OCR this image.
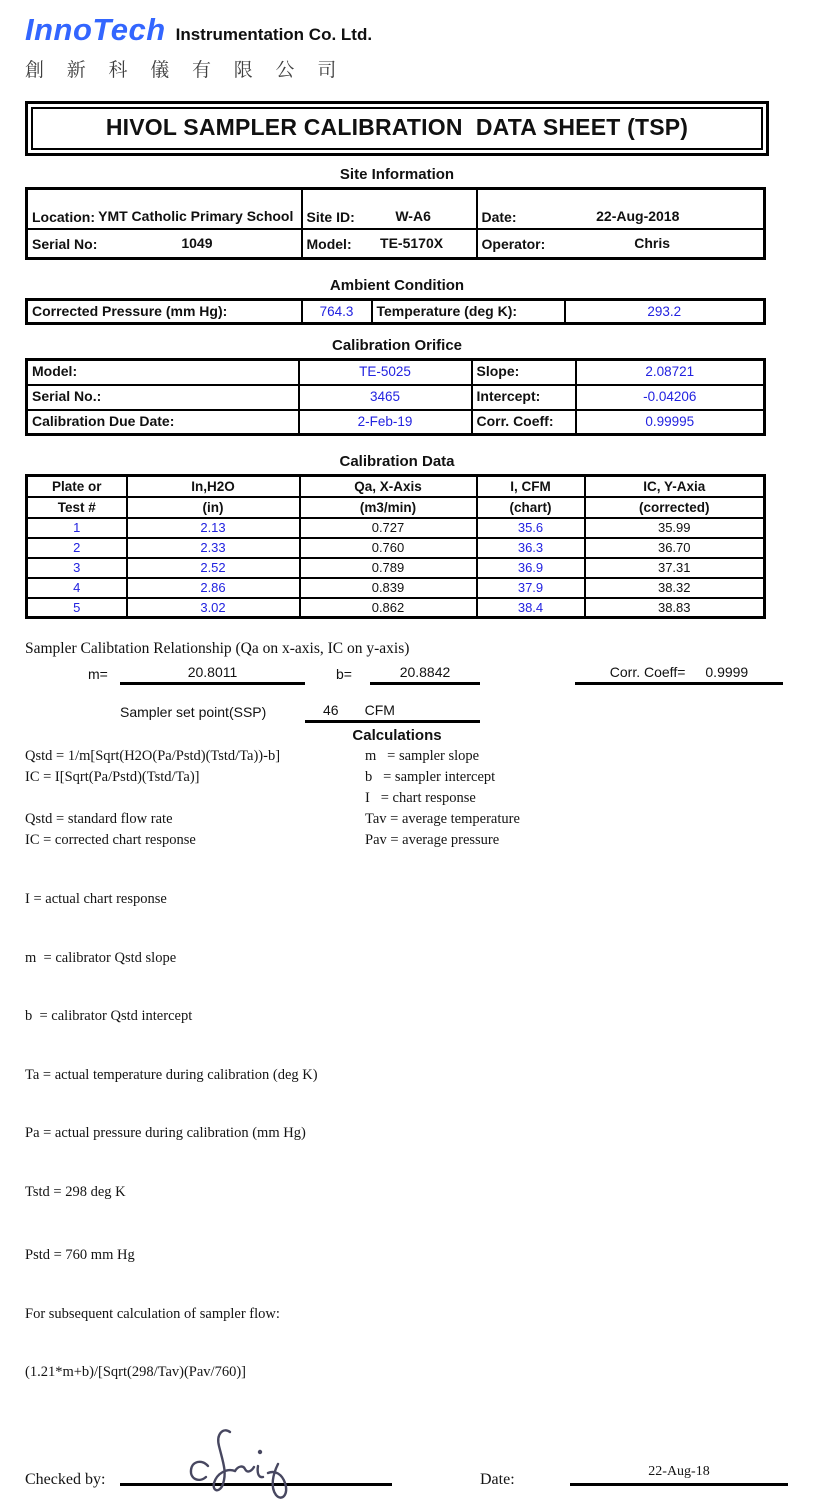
InnoTech Instrumentation Co. Ltd.
創 新 科 儀 有 限 公 司
HIVOL SAMPLER CALIBRATION  DATA SHEET (TSP)
Site Information
Location: YMT Catholic Primary School	Site ID: W-A6	Date: 22-Aug-2018

Serial No: 1049	Model: TE-5170X	Operator: Chris
Ambient Condition
Corrected Pressure (mm Hg):	764.3	Temperature (deg K):	293.2
Calibration Orifice
Model:	TE-5025	Slope:	2.08721
Serial No.:	3465	Intercept:	-0.04206
Calibration Due Date:	2-Feb-19	Corr. Coeff:	0.99995
Calibration Data
Plate or	In,H2O	Qa, X-Axis	I, CFM	IC, Y-Axia
Test #	(in)	(m3/min)	(chart)	(corrected)
1	2.13	0.727	35.6	35.99
2	2.33	0.760	36.3	36.70
3	2.52	0.789	36.9	37.31
4	2.86	0.839	37.9	38.32
5	3.02	0.862	38.4	38.83
Sampler Calibtation Relationship (Qa on x-axis, IC on y-axis)
m=	20.8011	b=	20.8842	Corr. Coeff= 0.9999
Sampler set point(SSP)	46 CFM
Calculations
Qstd = 1/m[Sqrt(H2O(Pa/Pstd)(Tstd/Ta))-b]	m   = sampler slope
IC = I[Sqrt(Pa/Pstd)(Tstd/Ta)]	b   = sampler intercept
I   = chart response
Qstd = standard flow rate	Tav = average temperature
IC = corrected chart response	Pav = average pressure

I = actual chart response

m  = calibrator Qstd slope

b  = calibrator Qstd intercept

Ta = actual temperature during calibration (deg K)

Pa = actual pressure during calibration (mm Hg)

Tstd = 298 deg K

Pstd = 760 mm Hg

For subsequent calculation of sampler flow:

(1.21*m+b)/[Sqrt(298/Tav)(Pav/760)]

Checked by:	Date:	22-Aug-18
